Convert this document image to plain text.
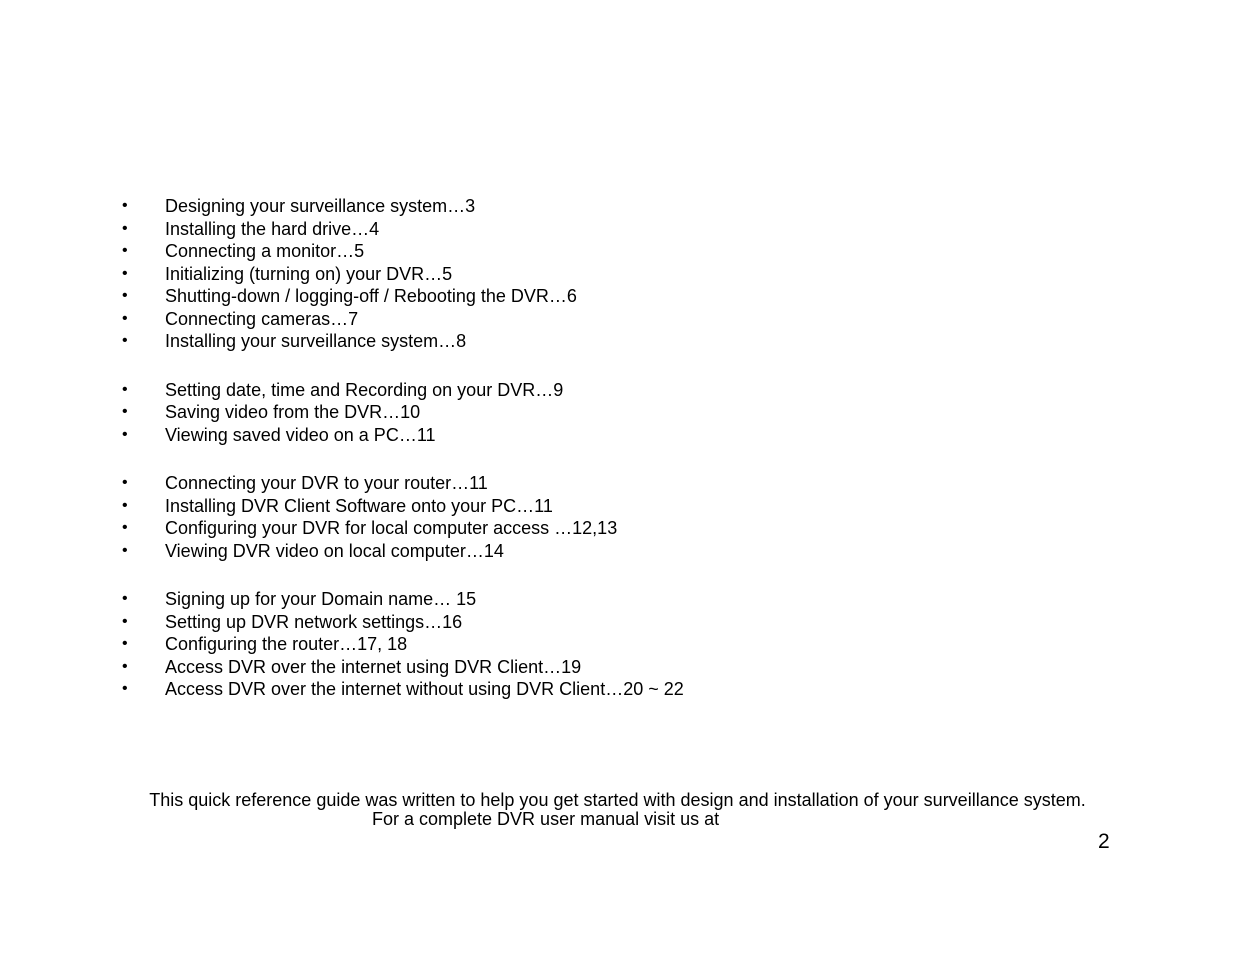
•	Designing your surveillance system…3
•	Installing the hard drive…4
•	Connecting a monitor…5
•	Initializing (turning on) your DVR…5
•	Shutting-down / logging-off / Rebooting the DVR…6
•	Connecting cameras…7
•	Installing your surveillance system…8
•	Setting date, time and Recording on your DVR…9
•	Saving video from the DVR…10
•	Viewing saved video on a PC…11
•	Connecting your DVR to your router…11
•	Installing DVR Client Software onto your PC…11
•	Configuring your DVR for local computer access …12,13
•	Viewing DVR video on local computer…14
•	Signing up for your Domain name… 15
•	Setting up DVR network settings…16
•	Configuring the router…17, 18
•	Access DVR over the internet using DVR Client…19
•	Access DVR over the internet without using DVR Client…20 ~ 22
This quick reference guide was written to help you get started with design and installation of your surveillance system.
For a complete DVR user manual visit us at
2
